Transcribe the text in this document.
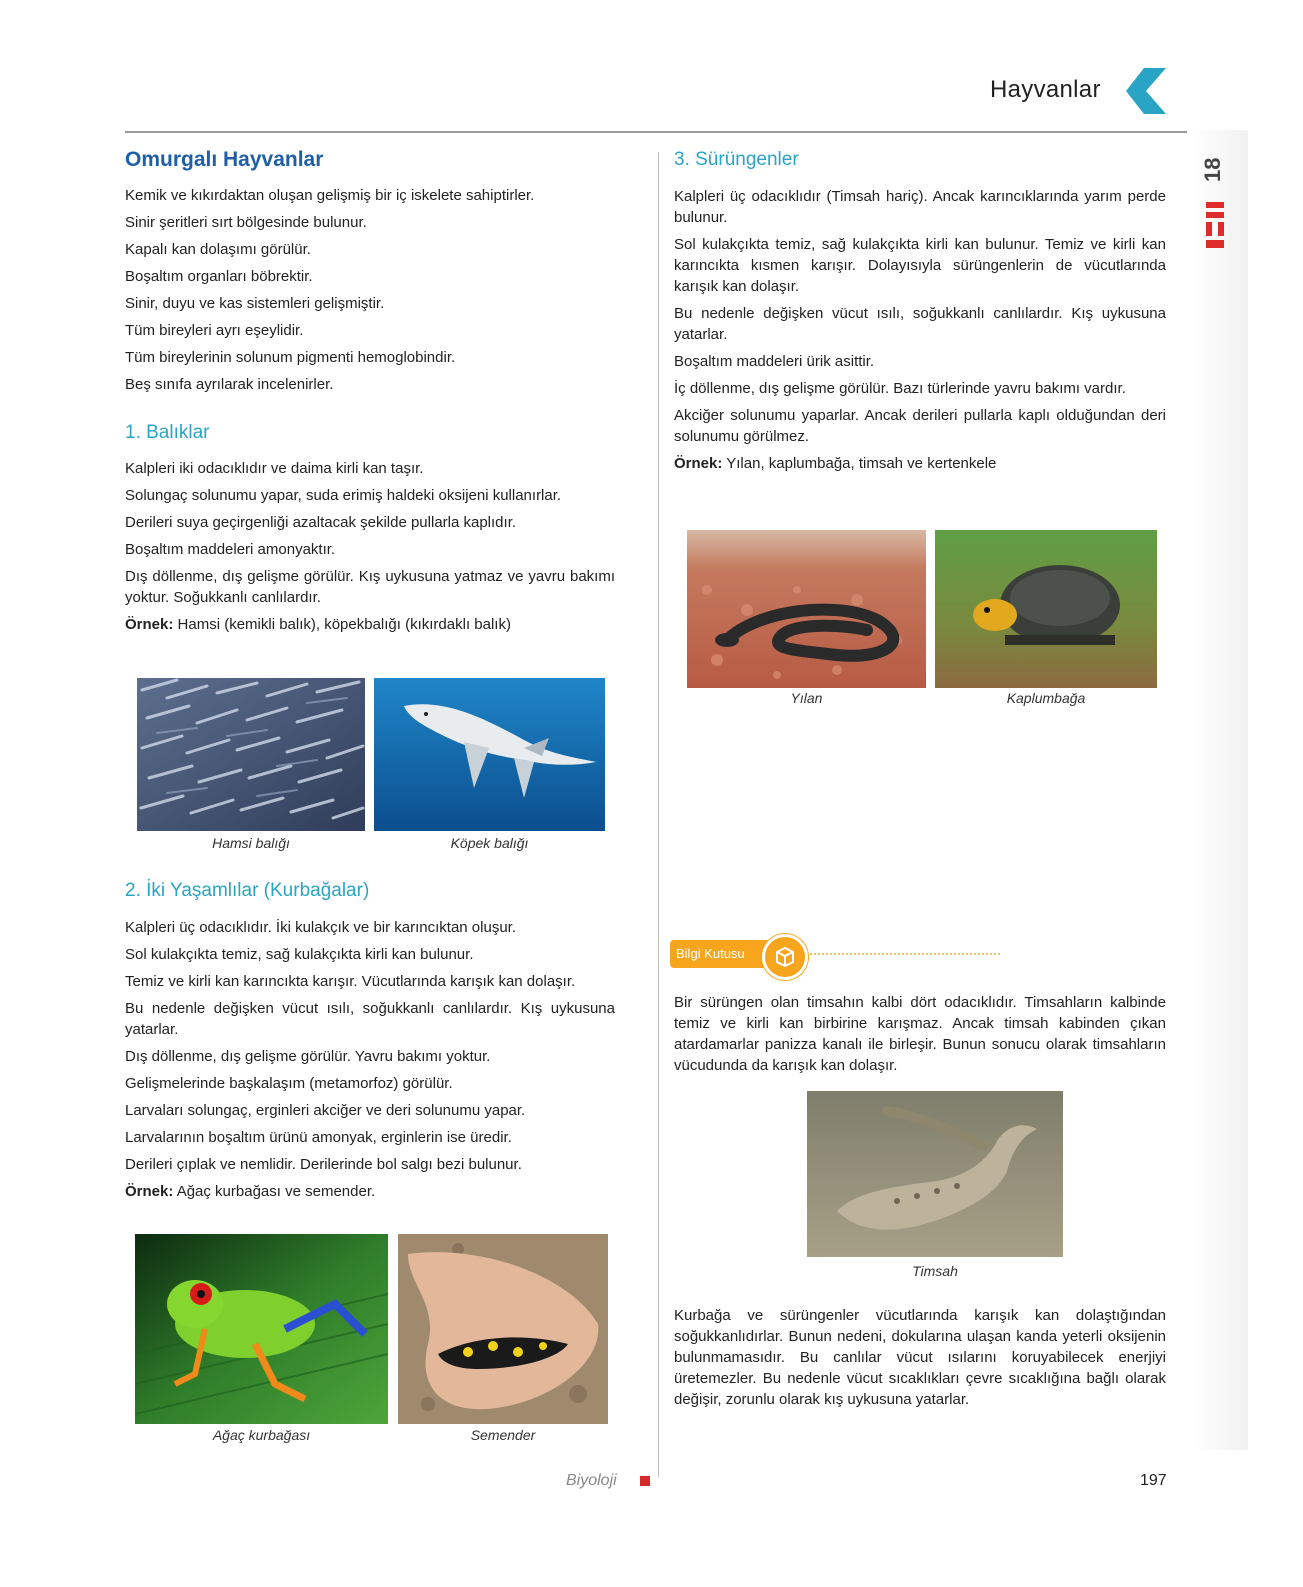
Hayvanlar
18
Omurgalı Hayvanlar

Kemik ve kıkırdaktan oluşan gelişmiş bir iç iskelete sahiptirler.

Sinir şeritleri sırt bölgesinde bulunur.

Kapalı kan dolaşımı görülür.

Boşaltım organları böbrektir.

Sinir, duyu ve kas sistemleri gelişmiştir.

Tüm bireyleri ayrı eşeylidir.

Tüm bireylerinin solunum pigmenti hemoglobindir.

Beş sınıfa ayrılarak incelenirler.

1. Balıklar

Kalpleri iki odacıklıdır ve daima kirli kan taşır.

Solungaç solunumu yapar, suda erimiş haldeki oksijeni kullanırlar.

Derileri suya geçirgenliği azaltacak şekilde pullarla kaplıdır.

Boşaltım maddeleri amonyaktır.

Dış döllenme, dış gelişme görülür. Kış uykusuna yatmaz ve yavru bakımı yoktur. Soğukkanlı canlılardır.

Örnek: Hamsi (kemikli balık), köpekbalığı (kıkırdaklı balık)

Hamsi balığı	Köpek balığı
2. İki Yaşamlılar (Kurbağalar)

Kalpleri üç odacıklıdır. İki kulakçık ve bir karıncıktan oluşur.

Sol kulakçıkta temiz, sağ kulakçıkta kirli kan bulunur.

Temiz ve kirli kan karıncıkta karışır. Vücutlarında karışık kan dolaşır.

Bu nedenle değişken vücut ısılı, soğukkanlı canlılardır. Kış uykusuna yatarlar.

Dış döllenme, dış gelişme görülür. Yavru bakımı yoktur.

Gelişmelerinde başkalaşım (metamorfoz) görülür.

Larvaları solungaç, erginleri akciğer ve deri solunumu yapar.

Larvalarının boşaltım ürünü amonyak, erginlerin ise üredir.

Derileri çıplak ve nemlidir. Derilerinde bol salgı bezi bulunur.

Örnek: Ağaç kurbağası ve semender.

Ağaç kurbağası	Semender
3. Sürüngenler

Kalpleri üç odacıklıdır (Timsah hariç). Ancak karıncıklarında yarım perde bulunur.

Sol kulakçıkta temiz, sağ kulakçıkta kirli kan bulunur. Temiz ve kirli kan karıncıkta kısmen karışır. Dolayısıyla sürüngenlerin de vücutlarında karışık kan dolaşır.

Bu nedenle değişken vücut ısılı, soğukkanlı canlılardır. Kış uykusuna yatarlar.

Boşaltım maddeleri ürik asittir.

İç döllenme, dış gelişme görülür. Bazı türlerinde yavru bakımı vardır.

Akciğer solunumu yaparlar. Ancak derileri pullarla kaplı olduğundan deri solunumu görülmez.

Örnek: Yılan, kaplumbağa, timsah ve kertenkele

Yılan	Kaplumbağa
Bilgi Kutusu
Bir sürüngen olan timsahın kalbi dört odacıklıdır. Timsahların kalbinde temiz ve kirli kan birbirine karışmaz. Ancak timsah kabinden çıkan atardamarlar panizza kanalı ile birleşir. Bunun sonucu olarak timsahların vücudunda da karışık kan dolaşır.
Timsah
Kurbağa ve sürüngenler vücutlarında karışık kan dolaştığından soğukkanlıdırlar. Bunun nedeni, dokularına ulaşan kanda yeterli oksijenin bulunmamasıdır. Bu canlılar vücut ısılarını koruyabilecek enerjiyi üretemezler. Bu nedenle vücut sıcaklıkları çevre sıcaklığına bağlı olarak değişir, zorunlu olarak kış uykusuna yatarlar.
Biyoloji	197
